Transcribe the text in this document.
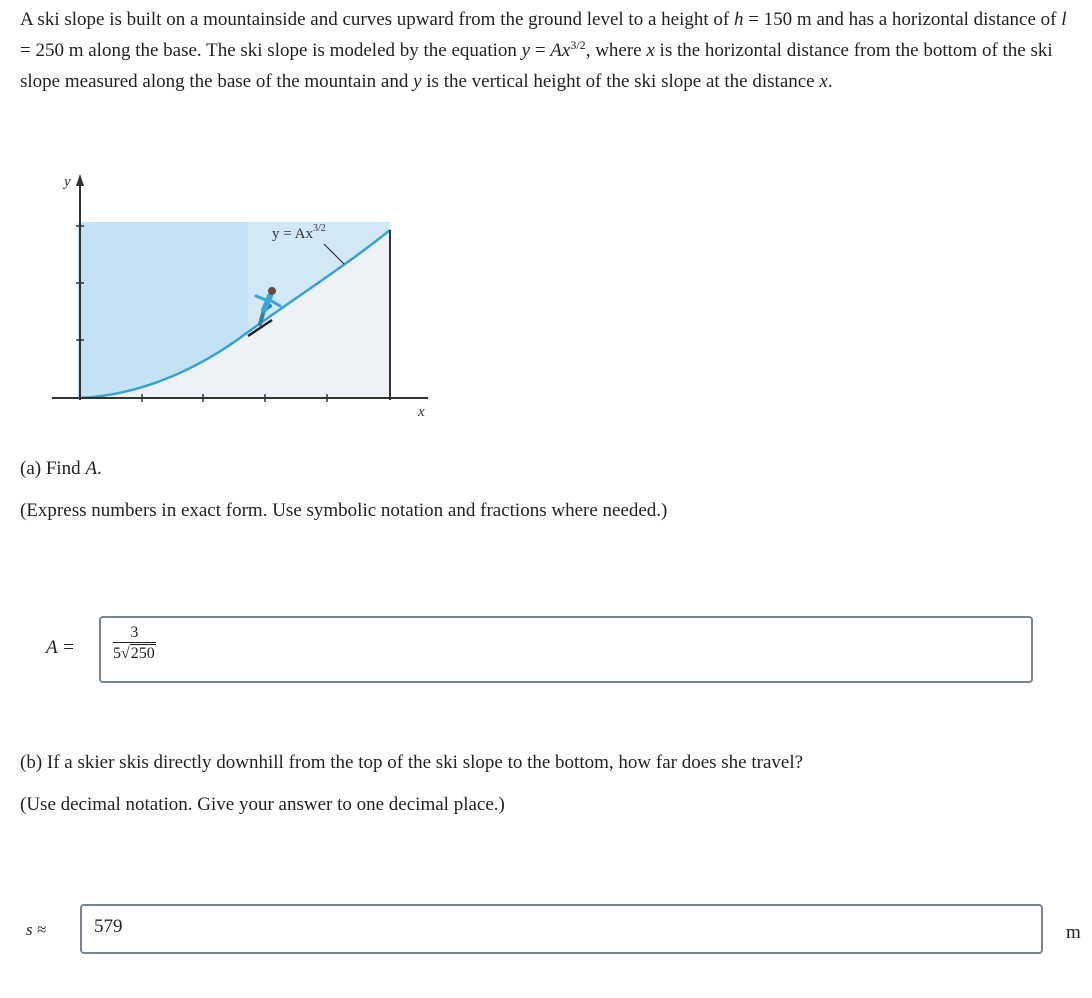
A ski slope is built on a mountainside and curves upward from the ground level to a height of h = 150 m and has a horizontal distance of l = 250 m along the base. The ski slope is modeled by the equation $y = Ax^{3/2}$, where x is the horizontal distance from the bottom of the ski slope measured along the base of the mountain and y is the vertical height of the ski slope at the distance x.
y
x
$y = Ax^{3/2}$
(a) Find A.
(Express numbers in exact form. Use symbolic notation and fractions where needed.)
$A = \frac{3}{5√250}$
(b) If a skier skis directly downhill from the top of the ski slope to the bottom, how far does she travel?
(Use decimal notation. Give your answer to one decimal place.)
s ≈	579	m
